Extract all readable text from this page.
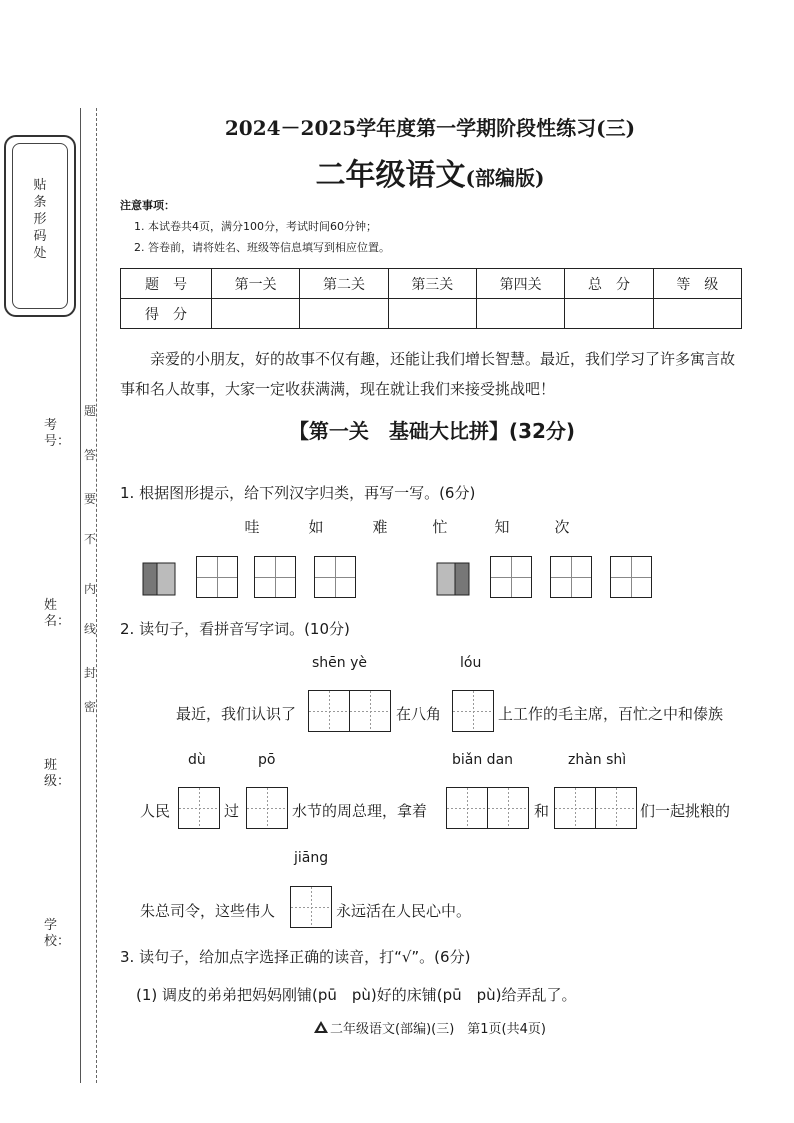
贴条形码处
考号：
姓名：
班级：
学校：
密
封
线
内
不
要
答
题
2024－2025学年度第一学期阶段性练习(三)
二年级语文(部编版)
注意事项：
1. 本试卷共4页，满分100分，考试时间60分钟；
2. 答卷前，请将姓名、班级等信息填写到相应位置。
题　号	第一关	第二关	第三关	第四关	总　分	等　级
得　分						
亲爱的小朋友，好的故事不仅有趣，还能让我们增长智慧。最近，我们学习了许多寓言故事和名人故事，大家一定收获满满，现在就让我们来接受挑战吧！
【第一关　基础大比拼】(32分)
1. 根据图形提示，给下列汉字归类，再写一写。(6分)
哇	如	难	忙	知	次
2. 读句子，看拼音写字词。(10分)
shēn yè	lóu
最近，我们认识了	在八角	上工作的毛主席，百忙之中和傣族
dù	pō	biǎn dan	zhàn shì
人民	过	水节的周总理，拿着	和	们一起挑粮的
jiāng
朱总司令，这些伟人	永远活在人民心中。
3. 读句子，给加点字选择正确的读音，打“√”。(6分)
(1) 调皮的弟弟把妈妈刚铺(pū　pù)好的床铺(pū　pù)给弄乱了。
二年级语文(部编)(三)　第1页(共4页)
